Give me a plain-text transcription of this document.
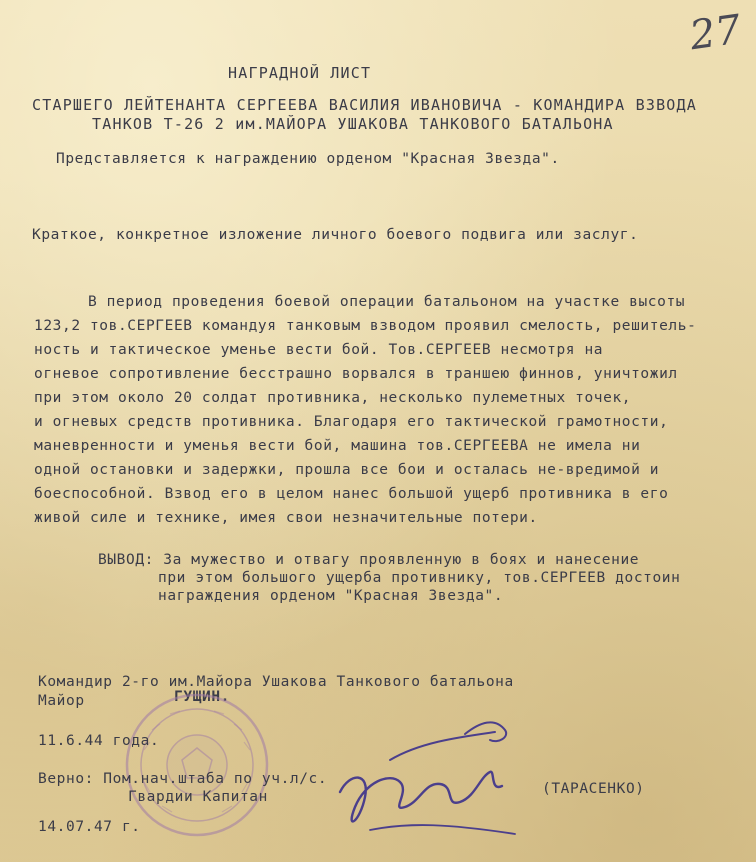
27
НАГРАДНОЙ ЛИСТ
СТАРШЕГО ЛЕЙТЕНАНТА СЕРГЕЕВА ВАСИЛИЯ ИВАНОВИЧА - КОМАНДИРА ВЗВОДА
ТАНКОВ Т-26 2 им.МАЙОРА УШАКОВА ТАНКОВОГО БАТАЛЬОНА
Представляется к награждению орденом "Красная Звезда".
Краткое, конкретное изложение личного боевого подвига или заслуг.
В период проведения боевой операции батальоном на участке высоты
123,2 тов.СЕРГЕЕВ командуя танковым взводом проявил смелость, решитель-
ность и тактическое уменье вести бой. Тов.СЕРГЕЕВ несмотря на
огневое сопротивление бесстрашно ворвался в траншею финнов, уничтожил
при этом около 20 солдат противника, несколько пулеметных точек,
и огневых средств противника. Благодаря его тактической грамотности,
маневренности и уменья вести бой, машина тов.СЕРГЕЕВА не имела ни
одной остановки и задержки, прошла все бои и осталась не-вредимой и
боеспособной. Взвод его в целом нанес большой ущерб противника в его
живой силе и технике, имея свои незначительные потери.
ВЫВОД: За мужество и отвагу проявленную в боях и нанесение
при этом большого ущерба противнику, тов.СЕРГЕЕВ достоин
награждения орденом "Красная Звезда".
Командир 2-го им.Майора Ушакова Танкового батальона
Майор	ГУЩИН.
11.6.44 года.
Верно: Пом.нач.штаба по уч.л/с.
Гвардии Капитан	(ТАРАСЕНКО)
14.07.47 г.
